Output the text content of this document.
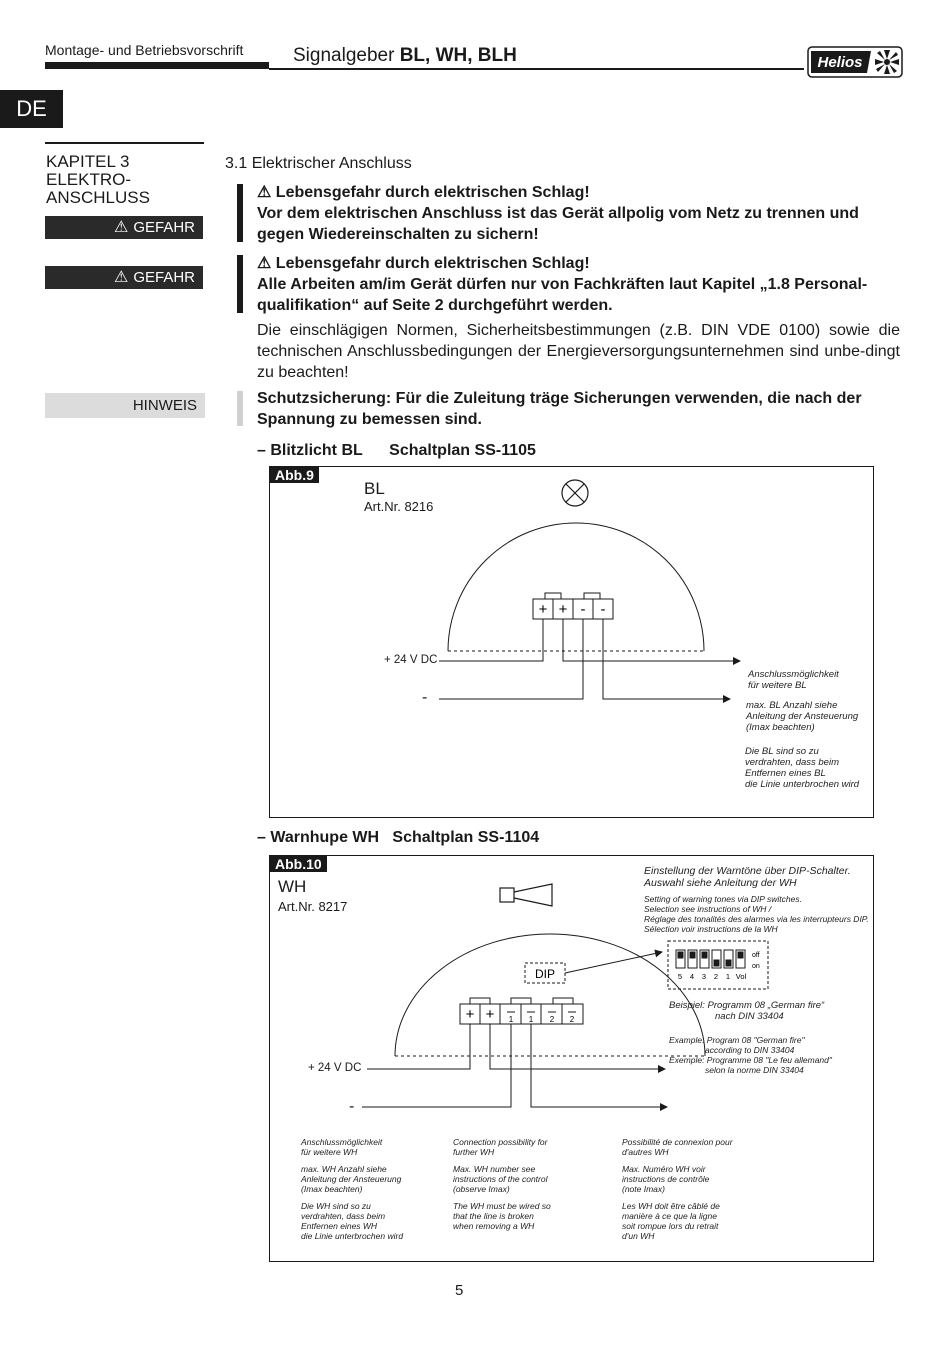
Montage- und Betriebsvorschrift	Signalgeber BL, WH, BLH	Helios
DE
KAPITEL 3
ELEKTRO-
ANSCHLUSS
⚠ GEFAHR
⚠ GEFAHR
HINWEIS
3.1 Elektrischer Anschluss
⚠ Lebensgefahr durch elektrischen Schlag!
Vor dem elektrischen Anschluss ist das Gerät allpolig vom Netz zu trennen und gegen Wiedereinschalten zu sichern!
⚠ Lebensgefahr durch elektrischen Schlag!
Alle Arbeiten am/im Gerät dürfen nur von Fachkräften laut Kapitel „1.8 Personal-qualifikation“ auf Seite 2 durchgeführt werden.
Die einschlägigen Normen, Sicherheitsbestimmungen (z.B. DIN VDE 0100) sowie die technischen Anschlussbedingungen der Energieversorgungsunternehmen sind unbe-dingt zu beachten!
Schutzsicherung: Für die Zuleitung träge Sicherungen verwenden, die nach der Spannung zu bemessen sind.
– Blitzlicht BL      Schaltplan SS-1105
+ + - -
Abb.9
BL
Art.Nr. 8216
+ 24 V DC
-
Anschlussmöglichkeit
für weitere BL
max. BL Anzahl siehe
Anleitung der Ansteuerung
(Imax beachten)
Die BL sind so zu
verdrahten, dass beim
Entfernen eines BL
die Linie unterbrochen wird
– Warnhupe WH   Schaltplan SS-1104
DIP
off
on
5 4 3 2 1 Vol
+ + 1 1 2 2
Abb.10
WH
Art.Nr. 8217
Einstellung der Warntöne über DIP-Schalter.
Auswahl siehe Anleitung der WH
Setting of warning tones via DIP switches.
Selection see instructions of WH /
Réglage des tonalités des alarmes via les interrupteurs DIP.
Sélection voir instructions de la WH
Beispiel: Programm 08 „German fire“
nach DIN 33404
Example: Program 08 "German fire"
according to DIN 33404
Exemple: Programme 08 "Le feu allemand"
selon la norme DIN 33404
+ 24 V DC
-
Anschlussmöglichkeit
für weitere WH
max. WH Anzahl siehe
Anleitung der Ansteuerung
(Imax beachten)
Die WH sind so zu
verdrahten, dass beim
Entfernen eines WH
die Linie unterbrochen wird
Connection possibility for
further WH
Max. WH number see
instructions of the control
(observe Imax)
The WH must be wired so
that the line is broken
when removing a WH
Possibilité de connexion pour
d'autres WH
Max. Numéro WH voir
instructions de contrôle
(note Imax)
Les WH doit être câblé de
manière à ce que la ligne
soit rompue lors du retrait
d'un WH
5
